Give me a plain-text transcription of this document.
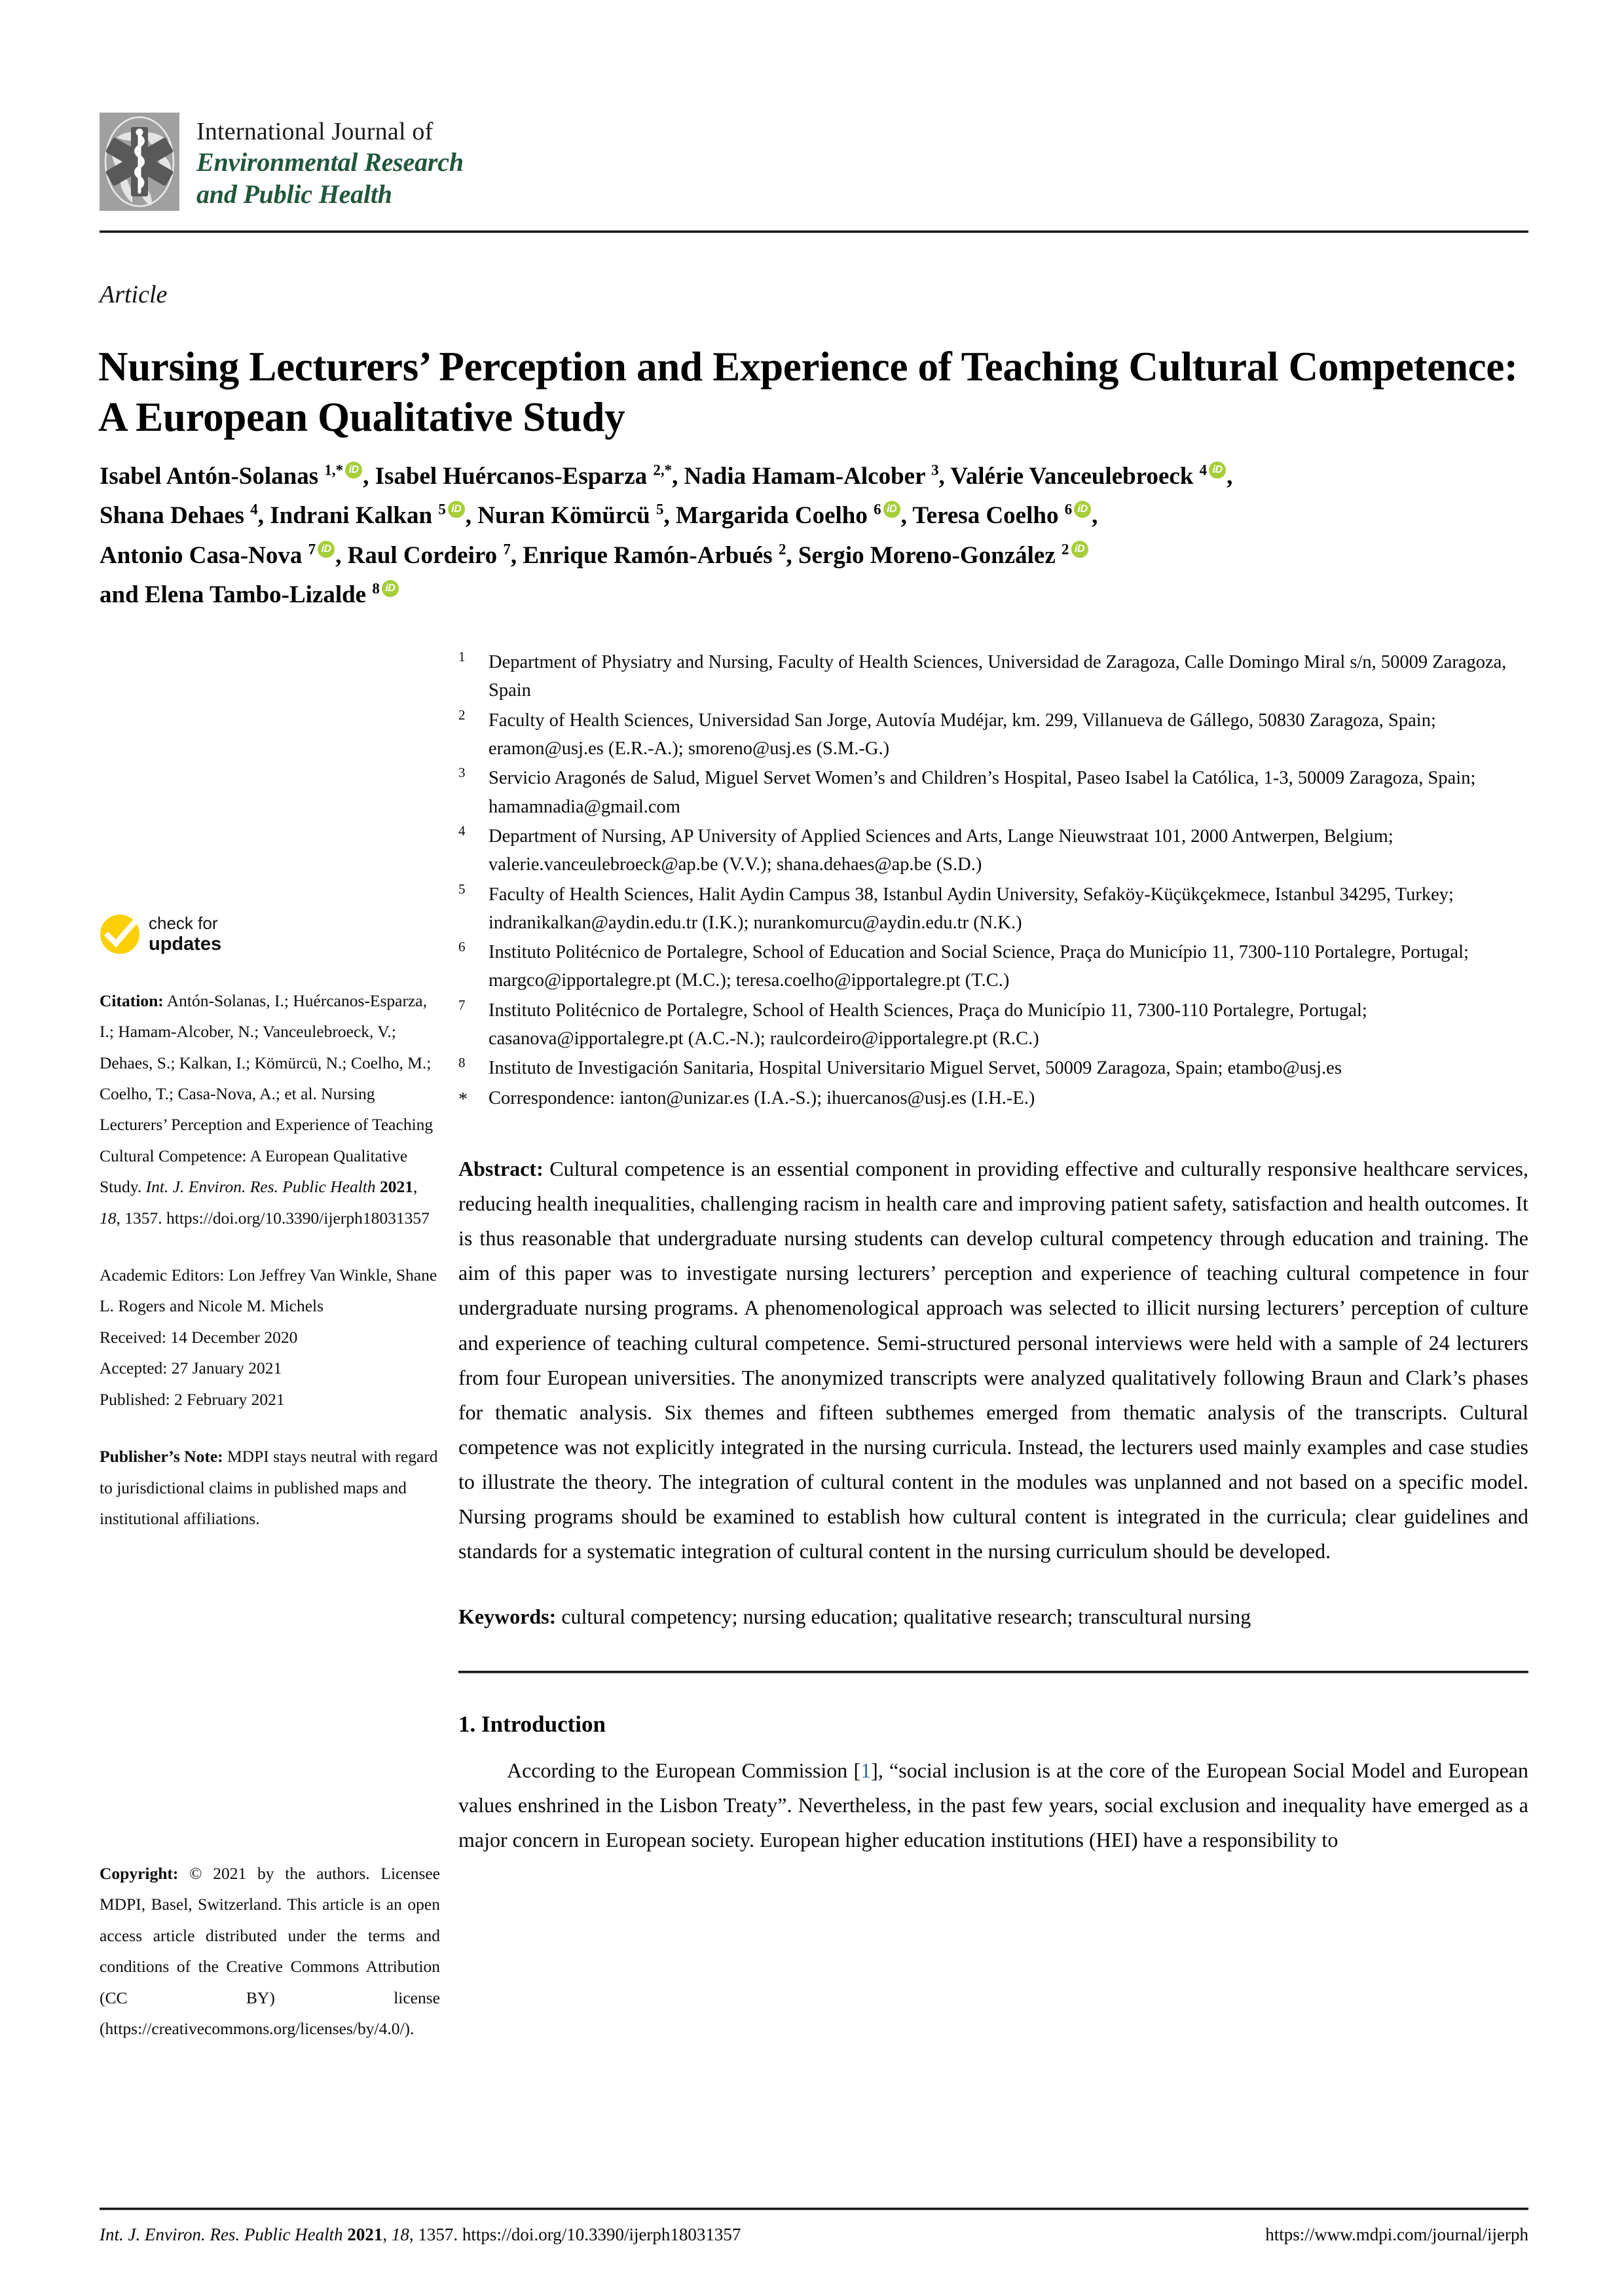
International Journal of
Environmental Research
and Public Health
Article
Nursing Lecturers’ Perception and Experience of Teaching Cultural Competence: A European Qualitative Study
Isabel Antón-Solanas $^{1,*}$ iD , Isabel Huércanos-Esparza $^{2,*}$, Nadia Hamam-Alcober $^3$, Valérie Vanceulebroeck $^4$ iD ,
Shana Dehaes $^4$, Indrani Kalkan $^5$ iD , Nuran Kömürcü $^5$, Margarida Coelho $^6$ iD , Teresa Coelho $^6$ iD ,
Antonio Casa-Nova $^7$ iD , Raul Cordeiro $^7$, Enrique Ramón-Arbués $^2$, Sergio Moreno-González $^2$iD
and Elena Tambo-Lizalde $^8$iD
check for
updates
Citation: Antón-Solanas, I.; Huércanos-Esparza, I.; Hamam-Alcober, N.; Vanceulebroeck, V.; Dehaes, S.; Kalkan, I.; Kömürcü, N.; Coelho, M.; Coelho, T.; Casa-Nova, A.; et al. Nursing Lecturers’ Perception and Experience of Teaching Cultural Competence: A European Qualitative Study. Int. J. Environ. Res. Public Health 2021, 18, 1357. https://doi.org/10.3390/ijerph18031357
Academic Editors: Lon Jeffrey Van Winkle, Shane L. Rogers and Nicole M. Michels
Received: 14 December 2020
Accepted: 27 January 2021
Published: 2 February 2021
Publisher’s Note: MDPI stays neutral with regard to jurisdictional claims in published maps and institutional affiliations.
Copyright: © 2021 by the authors. Licensee MDPI, Basel, Switzerland. This article is an open access article distributed under the terms and conditions of the Creative Commons Attribution (CC BY) license (https://creativecommons.org/licenses/by/4.0/).
1	Department of Physiatry and Nursing, Faculty of Health Sciences, Universidad de Zaragoza, Calle Domingo Miral s/n, 50009 Zaragoza, Spain
2	Faculty of Health Sciences, Universidad San Jorge, Autovía Mudéjar, km. 299, Villanueva de Gállego, 50830 Zaragoza, Spain; eramon@usj.es (E.R.-A.); smoreno@usj.es (S.M.-G.)
3	Servicio Aragonés de Salud, Miguel Servet Women’s and Children’s Hospital, Paseo Isabel la Católica, 1-3, 50009 Zaragoza, Spain; hamamnadia@gmail.com
4	Department of Nursing, AP University of Applied Sciences and Arts, Lange Nieuwstraat 101, 2000 Antwerpen, Belgium; valerie.vanceulebroeck@ap.be (V.V.); shana.dehaes@ap.be (S.D.)
5	Faculty of Health Sciences, Halit Aydin Campus 38, Istanbul Aydin University, Sefaköy-Küçükçekmece, Istanbul 34295, Turkey; indranikalkan@aydin.edu.tr (I.K.); nurankomurcu@aydin.edu.tr (N.K.)
6	Instituto Politécnico de Portalegre, School of Education and Social Science, Praça do Município 11, 7300-110 Portalegre, Portugal; margco@ipportalegre.pt (M.C.); teresa.coelho@ipportalegre.pt (T.C.)
7	Instituto Politécnico de Portalegre, School of Health Sciences, Praça do Município 11, 7300-110 Portalegre, Portugal; casanova@ipportalegre.pt (A.C.-N.); raulcordeiro@ipportalegre.pt (R.C.)
8	Instituto de Investigación Sanitaria, Hospital Universitario Miguel Servet, 50009 Zaragoza, Spain; etambo@usj.es
*	Correspondence: ianton@unizar.es (I.A.-S.); ihuercanos@usj.es (I.H.-E.)
Abstract: Cultural competence is an essential component in providing effective and culturally responsive healthcare services, reducing health inequalities, challenging racism in health care and improving patient safety, satisfaction and health outcomes. It is thus reasonable that undergraduate nursing students can develop cultural competency through education and training. The aim of this paper was to investigate nursing lecturers’ perception and experience of teaching cultural competence in four undergraduate nursing programs. A phenomenological approach was selected to illicit nursing lecturers’ perception of culture and experience of teaching cultural competence. Semi-structured personal interviews were held with a sample of 24 lecturers from four European universities. The anonymized transcripts were analyzed qualitatively following Braun and Clark’s phases for thematic analysis. Six themes and fifteen subthemes emerged from thematic analysis of the transcripts. Cultural competence was not explicitly integrated in the nursing curricula. Instead, the lecturers used mainly examples and case studies to illustrate the theory. The integration of cultural content in the modules was unplanned and not based on a specific model. Nursing programs should be examined to establish how cultural content is integrated in the curricula; clear guidelines and standards for a systematic integration of cultural content in the nursing curriculum should be developed.
Keywords: cultural competency; nursing education; qualitative research; transcultural nursing
1. Introduction
According to the European Commission [1], “social inclusion is at the core of the European Social Model and European values enshrined in the Lisbon Treaty”. Nevertheless, in the past few years, social exclusion and inequality have emerged as a major concern in European society. European higher education institutions (HEI) have a responsibility to
Int. J. Environ. Res. Public Health 2021, 18, 1357. https://doi.org/10.3390/ijerph18031357	https://www.mdpi.com/journal/ijerph
